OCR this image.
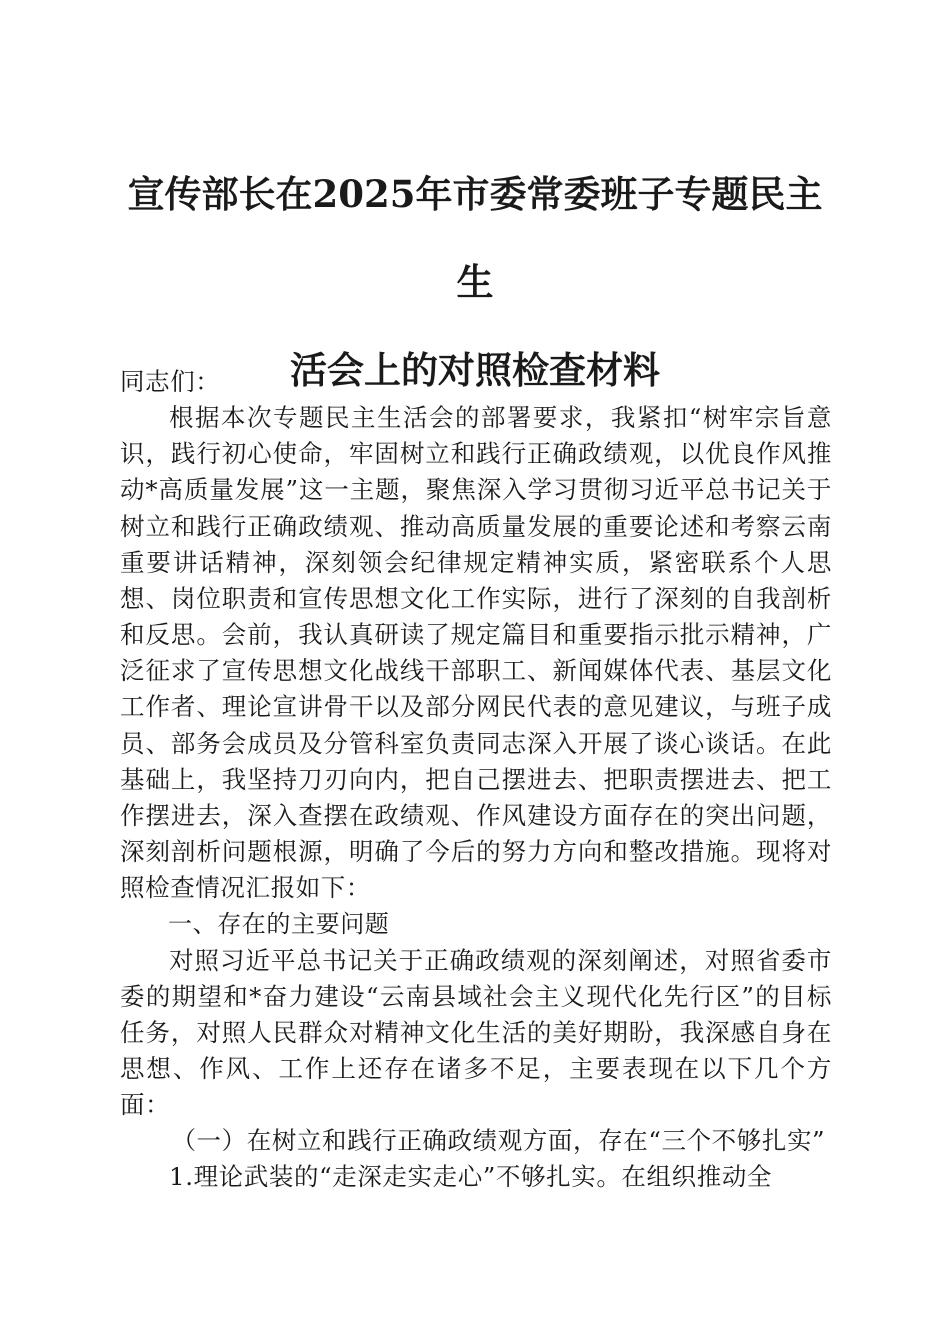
宣传部长在2025年市委常委班子专题民主生
活会上的对照检查材料

同志们：

根据本次专题民主生活会的部署要求，我紧扣“树牢宗旨意识，践行初心使命，牢固树立和践行正确政绩观，以优良作风推动*高质量发展”这一主题，聚焦深入学习贯彻习近平总书记关于树立和践行正确政绩观、推动高质量发展的重要论述和考察云南重要讲话精神，深刻领会纪律规定精神实质，紧密联系个人思想、岗位职责和宣传思想文化工作实际，进行了深刻的自我剖析和反思。会前，我认真研读了规定篇目和重要指示批示精神，广泛征求了宣传思想文化战线干部职工、新闻媒体代表、基层文化工作者、理论宣讲骨干以及部分网民代表的意见建议，与班子成员、部务会成员及分管科室负责同志深入开展了谈心谈话。在此基础上，我坚持刀刃向内，把自己摆进去、把职责摆进去、把工作摆进去，深入查摆在政绩观、作风建设方面存在的突出问题，深刻剖析问题根源，明确了今后的努力方向和整改措施。现将对照检查情况汇报如下：

一、存在的主要问题

对照习近平总书记关于正确政绩观的深刻阐述，对照省委市委的期望和*奋力建设“云南县域社会主义现代化先行区”的目标任务，对照人民群众对精神文化生活的美好期盼，我深感自身在思想、作风、工作上还存在诸多不足，主要表现在以下几个方面：

（一）在树立和践行正确政绩观方面，存在“三个不够扎实”

1.理论武装的“走深走实走心”不够扎实。在组织推动全
